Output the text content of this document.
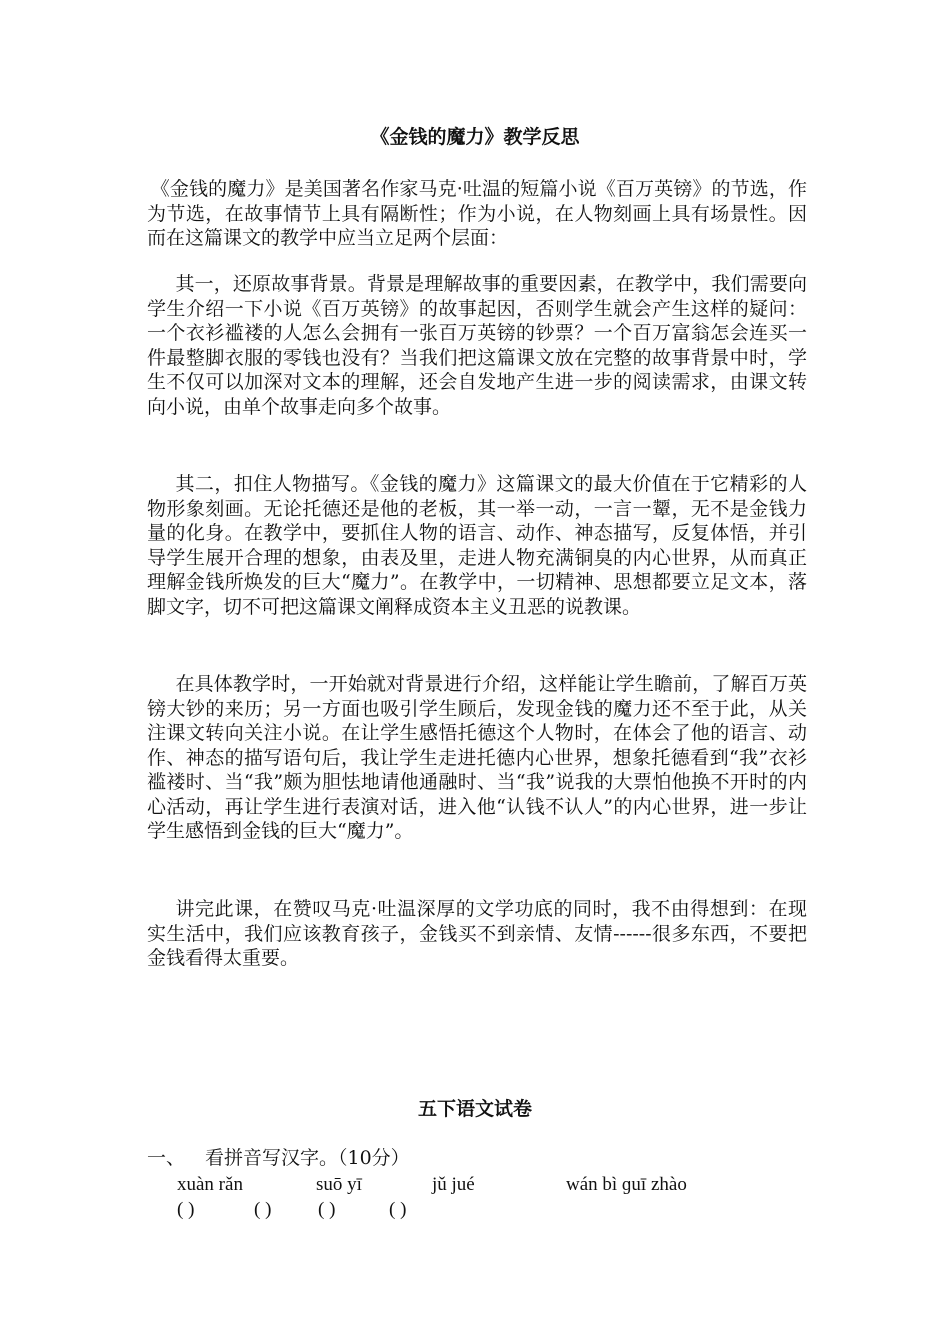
《金钱的魔力》教学反思

《金钱的魔力》是美国著名作家马克·吐温的短篇小说《百万英镑》的节选，作为节选，在故事情节上具有隔断性；作为小说，在人物刻画上具有场景性。因而在这篇课文的教学中应当立足两个层面：

其一，还原故事背景。背景是理解故事的重要因素，在教学中，我们需要向学生介绍一下小说《百万英镑》的故事起因，否则学生就会产生这样的疑问：一个衣衫褴褛的人怎么会拥有一张百万英镑的钞票？一个百万富翁怎会连买一件最整脚衣服的零钱也没有？当我们把这篇课文放在完整的故事背景中时，学生不仅可以加深对文本的理解，还会自发地产生进一步的阅读需求，由课文转向小说，由单个故事走向多个故事。

其二，扣住人物描写。《金钱的魔力》这篇课文的最大价值在于它精彩的人物形象刻画。无论托德还是他的老板，其一举一动，一言一颦，无不是金钱力量的化身。在教学中，要抓住人物的语言、动作、神态描写，反复体悟，并引导学生展开合理的想象，由表及里，走进人物充满铜臭的内心世界，从而真正理解金钱所焕发的巨大“魔力”。在教学中，一切精神、思想都要立足文本，落脚文字，切不可把这篇课文阐释成资本主义丑恶的说教课。

在具体教学时，一开始就对背景进行介绍，这样能让学生瞻前，了解百万英镑大钞的来历；另一方面也吸引学生顾后，发现金钱的魔力还不至于此，从关注课文转向关注小说。在让学生感悟托德这个人物时，在体会了他的语言、动作、神态的描写语句后，我让学生走进托德内心世界，想象托德看到“我”衣衫褴褛时、当“我”颇为胆怯地请他通融时、当“我”说我的大票怕他换不开时的内心活动，再让学生进行表演对话，进入他“认钱不认人”的内心世界，进一步让学生感悟到金钱的巨大“魔力”。

讲完此课，在赞叹马克·吐温深厚的文学功底的同时，我不由得想到：在现实生活中，我们应该教育孩子，金钱买不到亲情、友情------很多东西，不要把金钱看得太重要。

五下语文试卷
一、 看拼音写汉字。（10分）
xuàn rǎn	suō yī	jǔ jué	wán bì ɡuī zhào
( )	( ) ( )	( )
